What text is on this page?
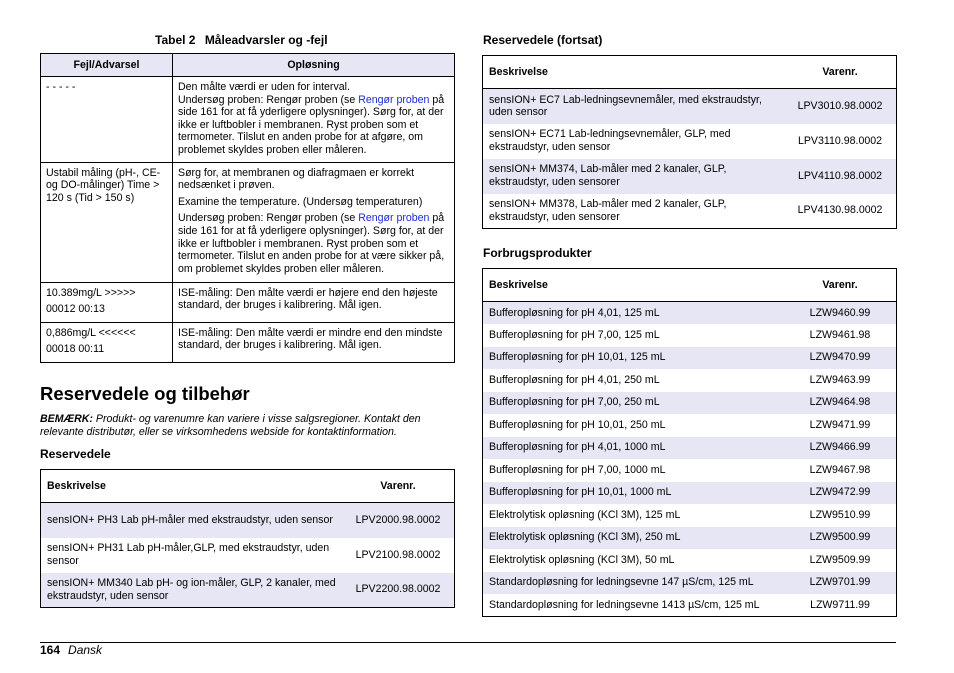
Tabel 2 Måleadvarsler og -fejl
Fejl/Advarsel	Opløsning

- - - - -	Den målte værdi er uden for interval.
Undersøg proben: Rengør proben (se Rengør proben på side 161 for at få yderligere oplysninger). Sørg for, at der ikke er luftbobler i membranen. Ryst proben som et termometer. Tilslut en anden probe for at afgøre, om problemet skyldes proben eller måleren.

Ustabil måling (pH-, CE- og DO-målinger) Time > 120 s (Tid > 150 s)	Sørg for, at membranen og diafragmaen er korrekt nedsænket i prøven.

Examine the temperature. (Undersøg temperaturen)

Undersøg proben: Rengør proben (se Rengør proben på side 161 for at få yderligere oplysninger). Sørg for, at der ikke er luftbobler i membranen. Ryst proben som et termometer. Tilslut en anden probe for at være sikker på, om problemet skyldes proben eller måleren.

10.389mg/L >>>>>

00012 00:13	ISE-måling: Den målte værdi er højere end den højeste standard, der bruges i kalibrering. Mål igen.

0,886mg/L <<<<<<

00018 00:11	ISE-måling: Den målte værdi er mindre end den mindste standard, der bruges i kalibrering. Mål igen.

Reservedele og tilbehør
BEMÆRK: Produkt- og varenumre kan variere i visse salgsregioner. Kontakt den relevante distributør, eller se virksomhedens webside for kontaktinformation.
Reservedele
Beskrivelse	Varenr.
sensION+ PH3 Lab pH-måler med ekstraudstyr, uden sensor	LPV2000.98.0002
sensION+ PH31 Lab pH-måler,GLP, med ekstraudstyr, uden sensor	LPV2100.98.0002
sensION+ MM340 Lab pH- og ion-måler, GLP, 2 kanaler, med ekstraudstyr, uden sensor	LPV2200.98.0002
Reservedele (fortsat)
Beskrivelse	Varenr.
sensION+ EC7 Lab-ledningsevnemåler, med ekstraudstyr, uden sensor	LPV3010.98.0002
sensION+ EC71 Lab-ledningsevnemåler, GLP, med ekstraudstyr, uden sensor	LPV3110.98.0002
sensION+ MM374, Lab-måler med 2 kanaler, GLP, ekstraudstyr, uden sensorer	LPV4110.98.0002
sensION+ MM378, Lab-måler med 2 kanaler, GLP, ekstraudstyr, uden sensorer	LPV4130.98.0002
Forbrugsprodukter
Beskrivelse	Varenr.
Bufferopløsning for pH 4,01, 125 mL	LZW9460.99
Bufferopløsning for pH 7,00, 125 mL	LZW9461.98
Bufferopløsning for pH 10,01, 125 mL	LZW9470.99
Bufferopløsning for pH 4,01, 250 mL	LZW9463.99
Bufferopløsning for pH 7,00, 250 mL	LZW9464.98
Bufferopløsning for pH 10,01, 250 mL	LZW9471.99
Bufferopløsning for pH 4,01, 1000 mL	LZW9466.99
Bufferopløsning for pH 7,00, 1000 mL	LZW9467.98
Bufferopløsning for pH 10,01, 1000 mL	LZW9472.99
Elektrolytisk opløsning (KCl 3M), 125 mL	LZW9510.99
Elektrolytisk opløsning (KCl 3M), 250 mL	LZW9500.99
Elektrolytisk opløsning (KCl 3M), 50 mL	LZW9509.99
Standardopløsning for ledningsevne 147 µS/cm, 125 mL	LZW9701.99
Standardopløsning for ledningsevne 1413 µS/cm, 125 mL	LZW9711.99
164 Dansk
